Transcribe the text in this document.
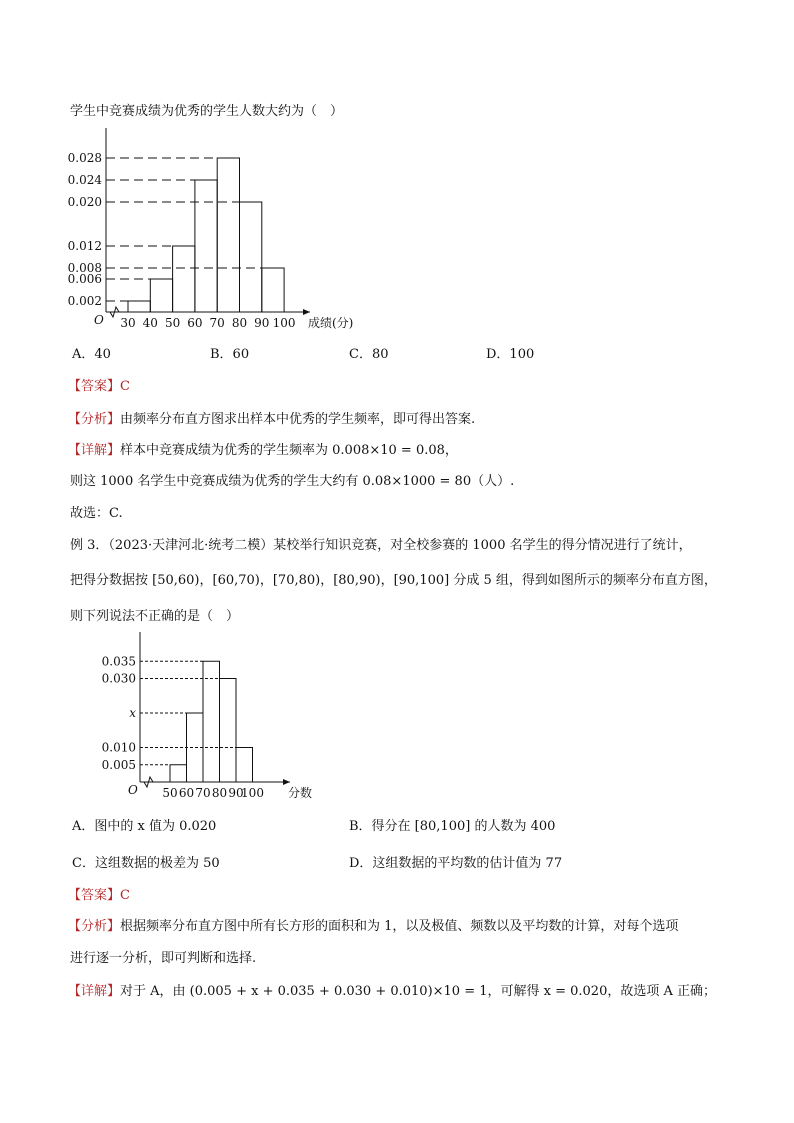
学生中竞赛成绩为优秀的学生人数大约为（　）
成绩(分)
O
0.002
0.006
0.008
0.012
0.020
0.024
0.028
30 40 50 60 70 80 90 100
A．40	B．60	C．80	D．100
【答案】C
【分析】由频率分布直方图求出样本中优秀的学生频率，即可得出答案.
【详解】样本中竞赛成绩为优秀的学生频率为 0.008×10 = 0.08，
则这 1000 名学生中竞赛成绩为优秀的学生大约有 0.08×1000 = 80（人）.
故选：C.
例 3．（2023·天津河北·统考二模）某校举行知识竞赛，对全校参赛的 1000 名学生的得分情况进行了统计，
把得分数据按 [50,60)，[60,70)，[70,80)，[80,90)，[90,100] 分成 5 组，得到如图所示的频率分布直方图，
则下列说法不正确的是（　）
分数
O
0.005
0.010
x
0.030
0.035
50 60 70 80 90
100
A．图中的 x 值为 0.020	B．得分在 [80,100] 的人数为 400
C．这组数据的极差为 50	D．这组数据的平均数的估计值为 77
【答案】C
【分析】根据频率分布直方图中所有长方形的面积和为 1，以及极值、频数以及平均数的计算，对每个选项
进行逐一分析，即可判断和选择.
【详解】对于 A，由 (0.005 + x + 0.035 + 0.030 + 0.010)×10 = 1，可解得 x = 0.020，故选项 A 正确；
